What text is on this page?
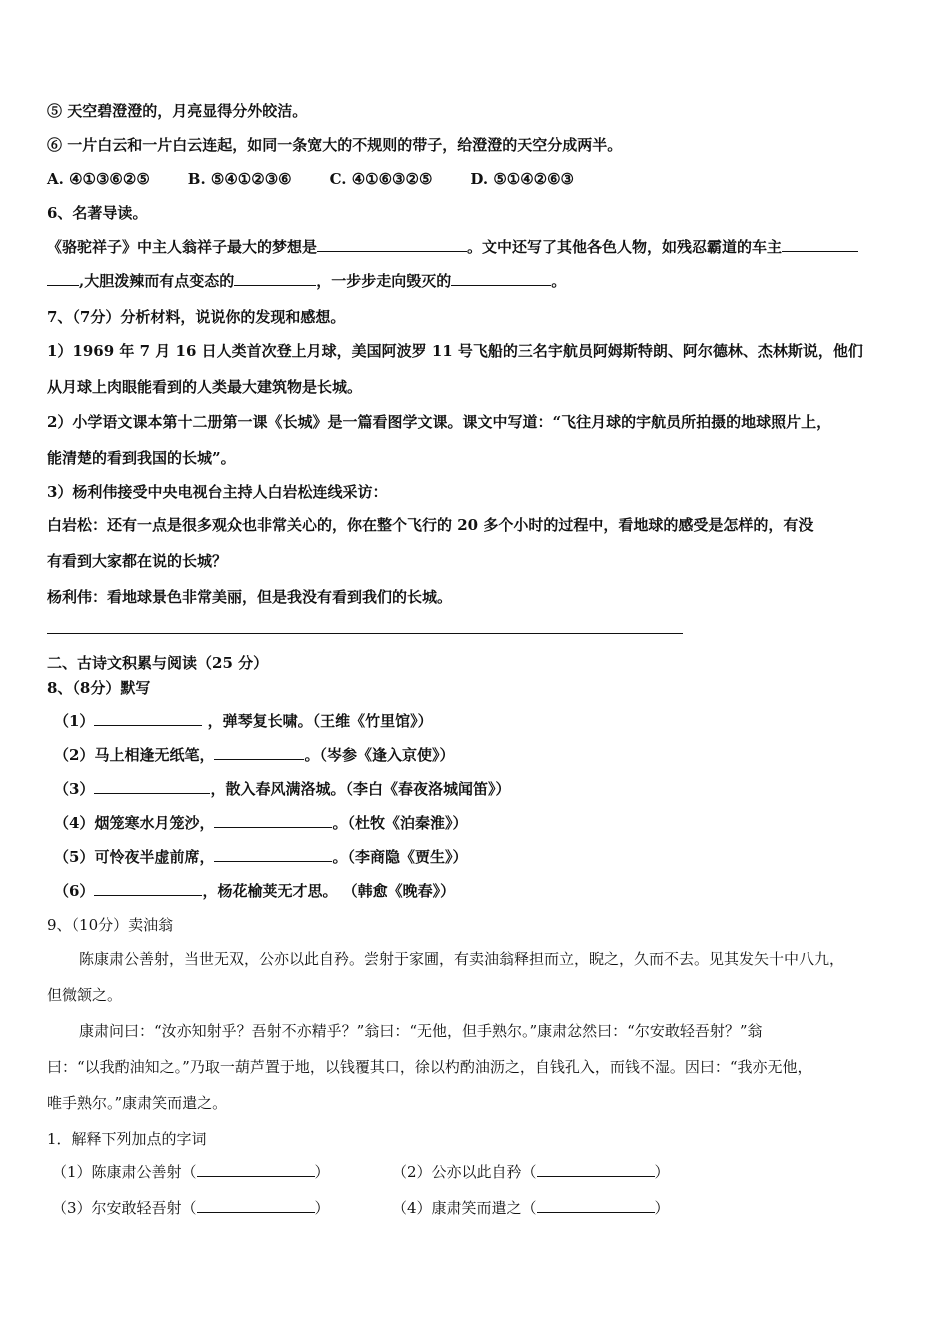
⑤ 天空碧澄澄的，月亮显得分外皎洁。
⑥ 一片白云和一片白云连起，如同一条宽大的不规则的带子，给澄澄的天空分成两半。
A. ④①③⑥②⑤	B. ⑤④①②③⑥	C. ④①⑥③②⑤	D. ⑤①④②⑥③
6、名著导读。
《骆驼祥子》中主人翁祥子最大的梦想是	。文中还写了其他各色人物，如残忍霸道的车主
,大胆泼辣而有点变态的	，一步步走向毁灭的	。
7、（7分）分析材料，说说你的发现和感想。
1）1969 年 7 月 16 日人类首次登上月球，美国阿波罗 11 号飞船的三名宇航员阿姆斯特朗、阿尔德林、杰林斯说，他们
从月球上肉眼能看到的人类最大建筑物是长城。
2）小学语文课本第十二册第一课《长城》是一篇看图学文课。课文中写道：“飞往月球的宇航员所拍摄的地球照片上，
能清楚的看到我国的长城”。
3）杨利伟接受中央电视台主持人白岩松连线采访：
白岩松：还有一点是很多观众也非常关心的，你在整个飞行的 20 多个小时的过程中，看地球的感受是怎样的，有没
有看到大家都在说的长城？
杨利伟：看地球景色非常美丽，但是我没有看到我们的长城。
二、古诗文积累与阅读（25 分）
8、（8分）默写
（1）	，弹琴复长啸。（王维《竹里馆》）
（2）马上相逢无纸笔，	。（岑参《逢入京使》）
（3）	，散入春风满洛城。（李白《春夜洛城闻笛》）
（4）烟笼寒水月笼沙，	。（杜牧《泊秦淮》）
（5）可怜夜半虚前席，	。（李商隐《贾生》）
（6）	，杨花榆荚无才思。 （韩愈《晚春》）
9、（10分）卖油翁
陈康肃公善射，当世无双，公亦以此自矜。尝射于家圃，有卖油翁释担而立，睨之，久而不去。见其发矢十中八九，
但微颔之。
康肃问曰：“汝亦知射乎？吾射不亦精乎？”翁曰：“无他，但手熟尔。”康肃忿然曰：“尔安敢轻吾射？”翁
曰：“以我酌油知之。”乃取一葫芦置于地，以钱覆其口，徐以杓酌油沥之，自钱孔入，而钱不湿。因曰：“我亦无他，
唯手熟尔。”康肃笑而遣之。
1．解释下列加点的字词
（1）陈康肃公善射（	）	（2）公亦以此自矜（	）
（3）尔安敢轻吾射（	）	（4）康肃笑而遣之（	）
